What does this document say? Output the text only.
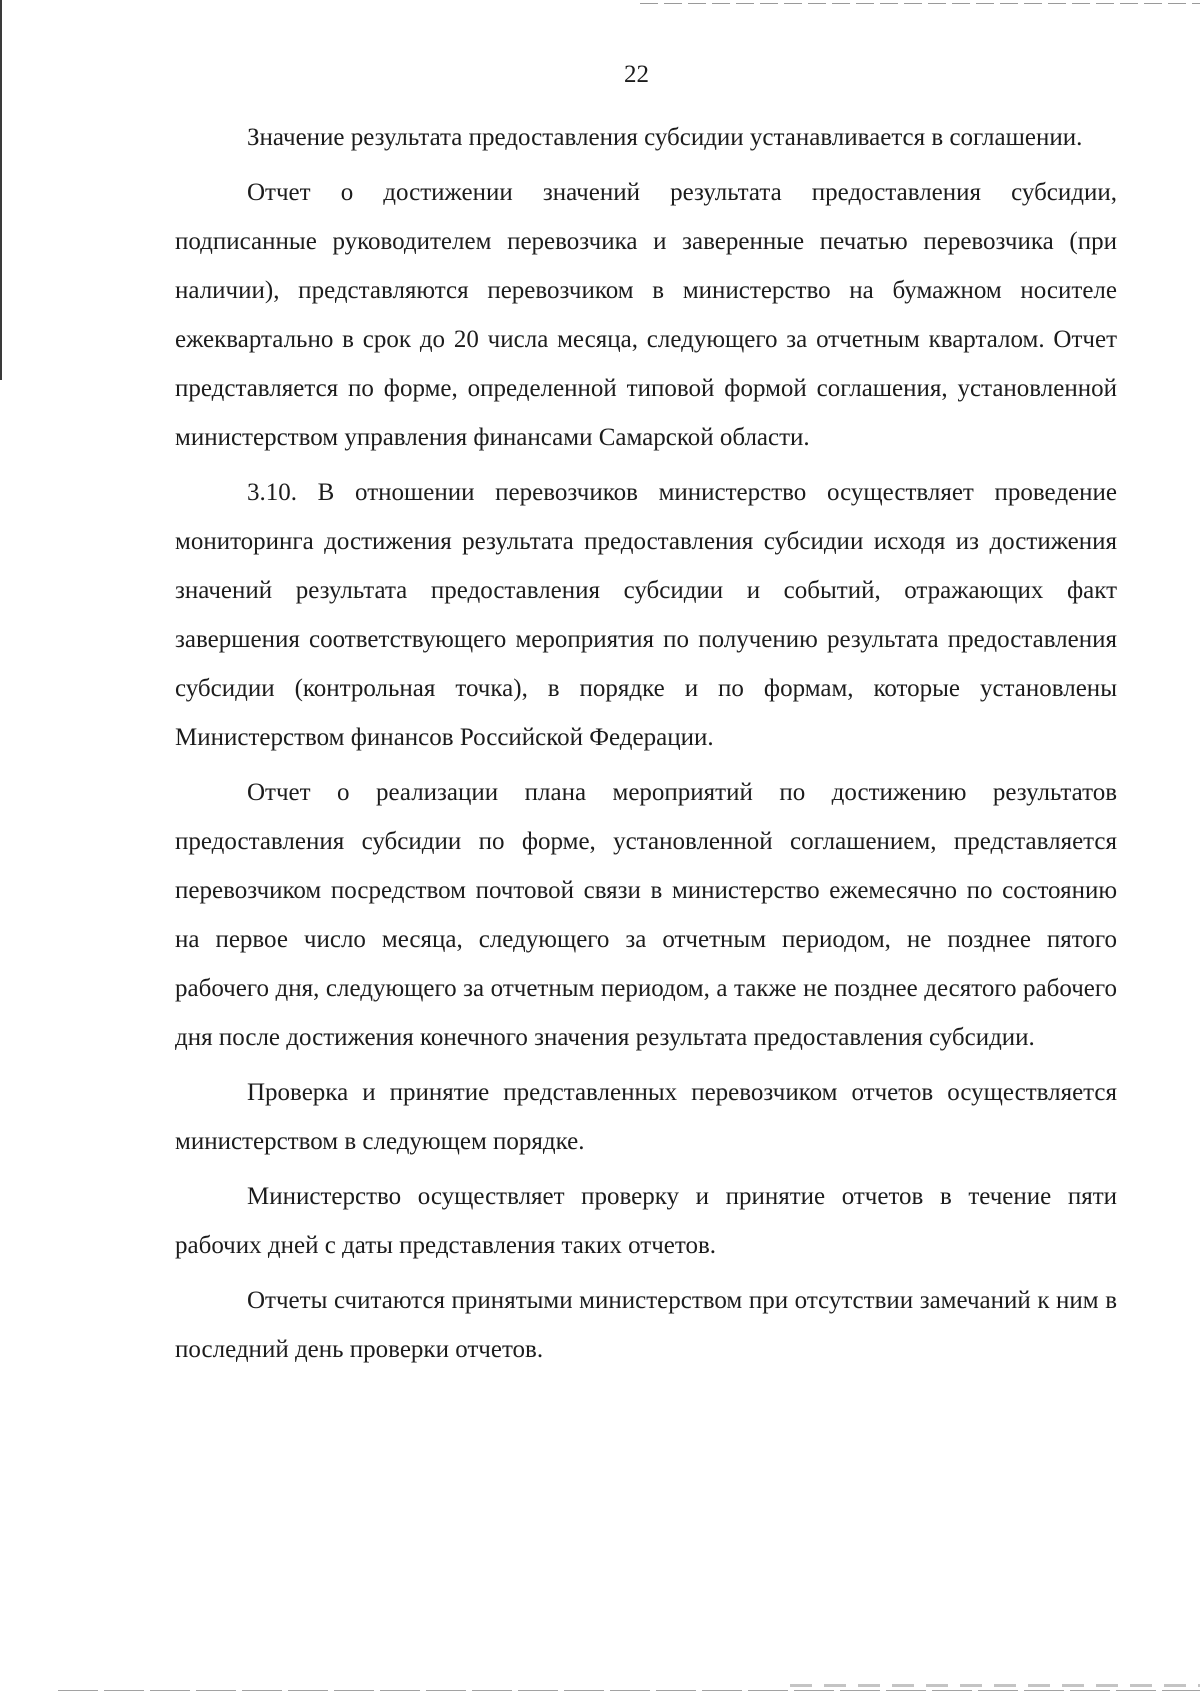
22

Значение результата предоставления субсидии устанавливается в соглашении.

Отчет о достижении значений результата предоставления субсидии, подписанные руководителем перевозчика и заверенные печатью перевозчика (при наличии), представляются перевозчиком в министерство на бумажном носителе ежеквартально в срок до 20 числа месяца, следующего за отчетным кварталом. Отчет представляется по форме, определенной типовой формой соглашения, установленной министерством управления финансами Самарской области.

3.10. В отношении перевозчиков министерство осуществляет проведение мониторинга достижения результата предоставления субсидии исходя из достижения значений результата предоставления субсидии и событий, отражающих факт завершения соответствующего мероприятия по получению результата предоставления субсидии (контрольная точка), в порядке и по формам, которые установлены Министерством финансов Российской Федерации.

Отчет о реализации плана мероприятий по достижению результатов предоставления субсидии по форме, установленной соглашением, представляется перевозчиком посредством почтовой связи в министерство ежемесячно по состоянию на первое число месяца, следующего за отчетным периодом, не позднее пятого рабочего дня, следующего за отчетным периодом, а также не позднее десятого рабочего дня после достижения конечного значения результата предоставления субсидии.

Проверка и принятие представленных перевозчиком отчетов осуществляется министерством в следующем порядке.

Министерство осуществляет проверку и принятие отчетов в течение пяти рабочих дней с даты представления таких отчетов.

Отчеты считаются принятыми министерством при отсутствии замечаний к ним в последний день проверки отчетов.
